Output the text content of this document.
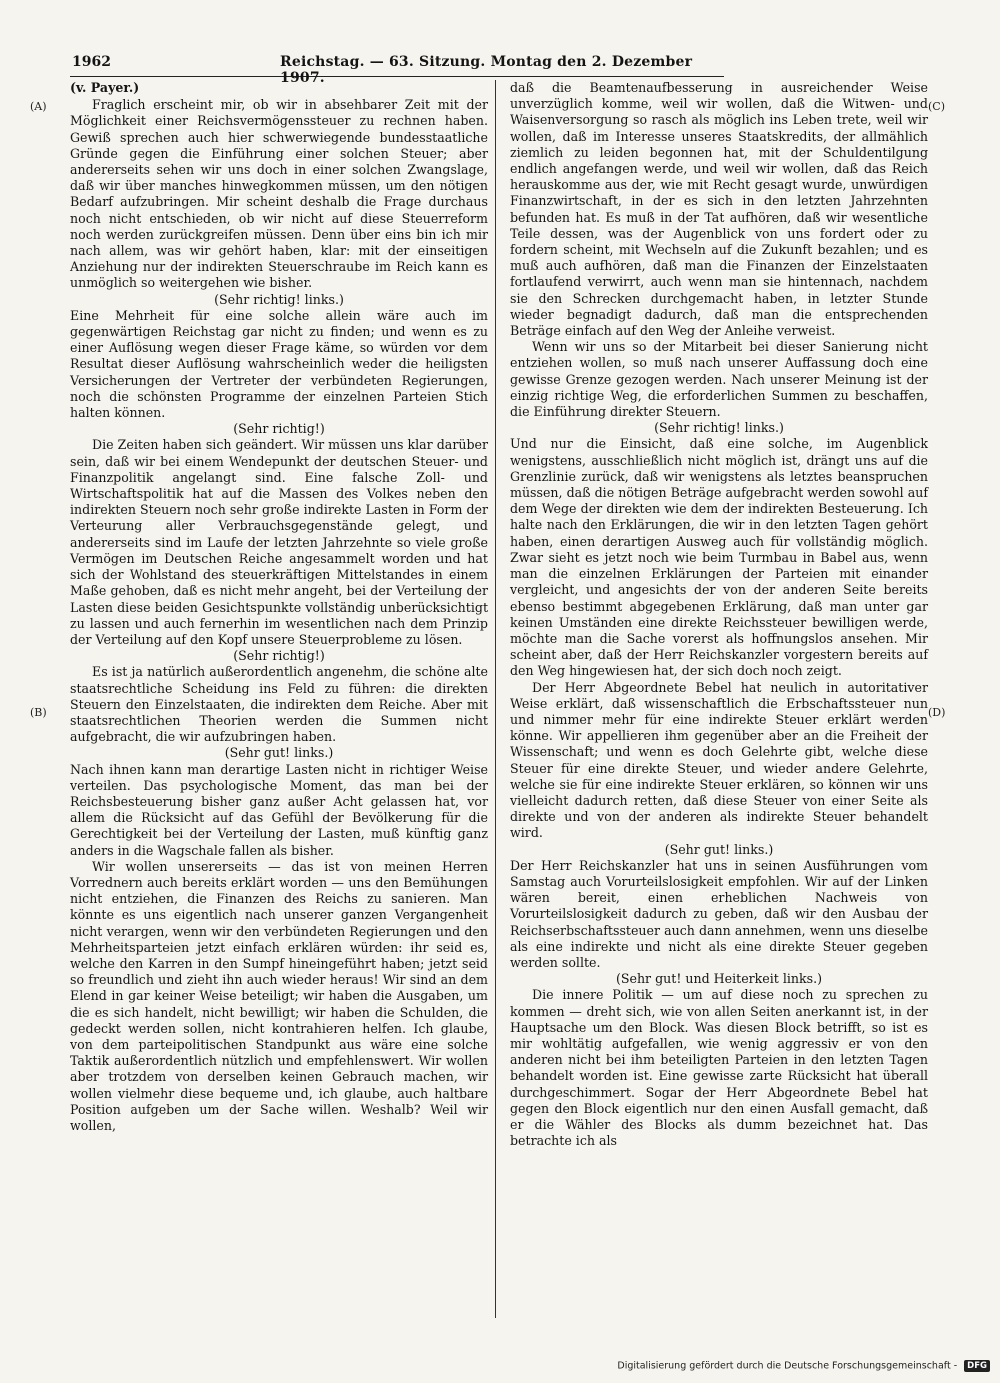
1962	Reichstag. — 63. Sitzung. Montag den 2. Dezember 1907.
(A)
(B)
(C)
(D)
(v. Payer.)

Fraglich erscheint mir, ob wir in absehbarer Zeit mit der Möglichkeit einer Reichsvermögenssteuer zu rechnen haben. Gewiß sprechen auch hier schwerwiegende bundesstaatliche Gründe gegen die Einführung einer solchen Steuer; aber andererseits sehen wir uns doch in einer solchen Zwangslage, daß wir über manches hinwegkommen müssen, um den nötigen Bedarf aufzubringen. Mir scheint deshalb die Frage durchaus noch nicht entschieden, ob wir nicht auf diese Steuerreform noch werden zurückgreifen müssen. Denn über eins bin ich mir nach allem, was wir gehört haben, klar: mit der einseitigen Anziehung nur der indirekten Steuerschraube im Reich kann es unmöglich so weitergehen wie bisher.

(Sehr richtig! links.)

Eine Mehrheit für eine solche allein wäre auch im gegenwärtigen Reichstag gar nicht zu finden; und wenn es zu einer Auflösung wegen dieser Frage käme, so würden vor dem Resultat dieser Auflösung wahrscheinlich weder die heiligsten Versicherungen der Vertreter der verbündeten Regierungen, noch die schönsten Programme der einzelnen Parteien Stich halten können.

(Sehr richtig!)

Die Zeiten haben sich geändert. Wir müssen uns klar darüber sein, daß wir bei einem Wendepunkt der deutschen Steuer- und Finanzpolitik angelangt sind. Eine falsche Zoll- und Wirtschaftspolitik hat auf die Massen des Volkes neben den indirekten Steuern noch sehr große indirekte Lasten in Form der Verteurung aller Verbrauchsgegenstände gelegt, und andererseits sind im Laufe der letzten Jahrzehnte so viele große Vermögen im Deutschen Reiche angesammelt worden und hat sich der Wohlstand des steuerkräftigen Mittelstandes in einem Maße gehoben, daß es nicht mehr angeht, bei der Verteilung der Lasten diese beiden Gesichtspunkte vollständig unberücksichtigt zu lassen und auch fernerhin im wesentlichen nach dem Prinzip der Verteilung auf den Kopf unsere Steuerprobleme zu lösen.

(Sehr richtig!)

Es ist ja natürlich außerordentlich angenehm, die schöne alte staatsrechtliche Scheidung ins Feld zu führen: die direkten Steuern den Einzelstaaten, die indirekten dem Reiche. Aber mit staatsrechtlichen Theorien werden die Summen nicht aufgebracht, die wir aufzubringen haben.

(Sehr gut! links.)

Nach ihnen kann man derartige Lasten nicht in richtiger Weise verteilen. Das psychologische Moment, das man bei der Reichsbesteuerung bisher ganz außer Acht gelassen hat, vor allem die Rücksicht auf das Gefühl der Bevölkerung für die Gerechtigkeit bei der Verteilung der Lasten, muß künftig ganz anders in die Wagschale fallen als bisher.

Wir wollen unsererseits — das ist von meinen Herren Vorrednern auch bereits erklärt worden — uns den Bemühungen nicht entziehen, die Finanzen des Reichs zu sanieren. Man könnte es uns eigentlich nach unserer ganzen Vergangenheit nicht verargen, wenn wir den verbündeten Regierungen und den Mehrheitsparteien jetzt einfach erklären würden: ihr seid es, welche den Karren in den Sumpf hineingeführt haben; jetzt seid so freundlich und zieht ihn auch wieder heraus! Wir sind an dem Elend in gar keiner Weise beteiligt; wir haben die Ausgaben, um die es sich handelt, nicht bewilligt; wir haben die Schulden, die gedeckt werden sollen, nicht kontrahieren helfen. Ich glaube, von dem parteipolitischen Standpunkt aus wäre eine solche Taktik außerordentlich nützlich und empfehlenswert. Wir wollen aber trotzdem von derselben keinen Gebrauch machen, wir wollen vielmehr diese bequeme und, ich glaube, auch haltbare Position aufgeben um der Sache willen. Weshalb? Weil wir wollen,

daß die Beamtenaufbesserung in ausreichender Weise unverzüglich komme, weil wir wollen, daß die Witwen- und Waisenversorgung so rasch als möglich ins Leben trete, weil wir wollen, daß im Interesse unseres Staatskredits, der allmählich ziemlich zu leiden begonnen hat, mit der Schuldentilgung endlich angefangen werde, und weil wir wollen, daß das Reich herauskomme aus der, wie mit Recht gesagt wurde, unwürdigen Finanzwirtschaft, in der es sich in den letzten Jahrzehnten befunden hat. Es muß in der Tat aufhören, daß wir wesentliche Teile dessen, was der Augenblick von uns fordert oder zu fordern scheint, mit Wechseln auf die Zukunft bezahlen; und es muß auch aufhören, daß man die Finanzen der Einzelstaaten fortlaufend verwirrt, auch wenn man sie hintennach, nachdem sie den Schrecken durchgemacht haben, in letzter Stunde wieder begnadigt dadurch, daß man die entsprechenden Beträge einfach auf den Weg der Anleihe verweist.

Wenn wir uns so der Mitarbeit bei dieser Sanierung nicht entziehen wollen, so muß nach unserer Auffassung doch eine gewisse Grenze gezogen werden. Nach unserer Meinung ist der einzig richtige Weg, die erforderlichen Summen zu beschaffen, die Einführung direkter Steuern.

(Sehr richtig! links.)

Und nur die Einsicht, daß eine solche, im Augenblick wenigstens, ausschließlich nicht möglich ist, drängt uns auf die Grenzlinie zurück, daß wir wenigstens als letztes beanspruchen müssen, daß die nötigen Beträge aufgebracht werden sowohl auf dem Wege der direkten wie dem der indirekten Besteuerung. Ich halte nach den Erklärungen, die wir in den letzten Tagen gehört haben, einen derartigen Ausweg auch für vollständig möglich. Zwar sieht es jetzt noch wie beim Turmbau in Babel aus, wenn man die einzelnen Erklärungen der Parteien mit einander vergleicht, und angesichts der von der anderen Seite bereits ebenso bestimmt abgegebenen Erklärung, daß man unter gar keinen Umständen eine direkte Reichssteuer bewilligen werde, möchte man die Sache vorerst als hoffnungslos ansehen. Mir scheint aber, daß der Herr Reichskanzler vorgestern bereits auf den Weg hingewiesen hat, der sich doch noch zeigt.

Der Herr Abgeordnete Bebel hat neulich in autoritativer Weise erklärt, daß wissenschaftlich die Erbschaftssteuer nun und nimmer mehr für eine indirekte Steuer erklärt werden könne. Wir appellieren ihm gegenüber aber an die Freiheit der Wissenschaft; und wenn es doch Gelehrte gibt, welche diese Steuer für eine direkte Steuer, und wieder andere Gelehrte, welche sie für eine indirekte Steuer erklären, so können wir uns vielleicht dadurch retten, daß diese Steuer von einer Seite als direkte und von der anderen als indirekte Steuer behandelt wird.

(Sehr gut! links.)

Der Herr Reichskanzler hat uns in seinen Ausführungen vom Samstag auch Vorurteilslosigkeit empfohlen. Wir auf der Linken wären bereit, einen erheblichen Nachweis von Vorurteilslosigkeit dadurch zu geben, daß wir den Ausbau der Reichserbschaftssteuer auch dann annehmen, wenn uns dieselbe als eine indirekte und nicht als eine direkte Steuer gegeben werden sollte.

(Sehr gut! und Heiterkeit links.)

Die innere Politik — um auf diese noch zu sprechen zu kommen — dreht sich, wie von allen Seiten anerkannt ist, in der Hauptsache um den Block. Was diesen Block betrifft, so ist es mir wohltätig aufgefallen, wie wenig aggressiv er von den anderen nicht bei ihm beteiligten Parteien in den letzten Tagen behandelt worden ist. Eine gewisse zarte Rücksicht hat überall durchgeschimmert. Sogar der Herr Abgeordnete Bebel hat gegen den Block eigentlich nur den einen Ausfall gemacht, daß er die Wähler des Blocks als dumm bezeichnet hat. Das betrachte ich als

Digitalisierung gefördert durch die Deutsche Forschungsgemeinschaft - DFG
